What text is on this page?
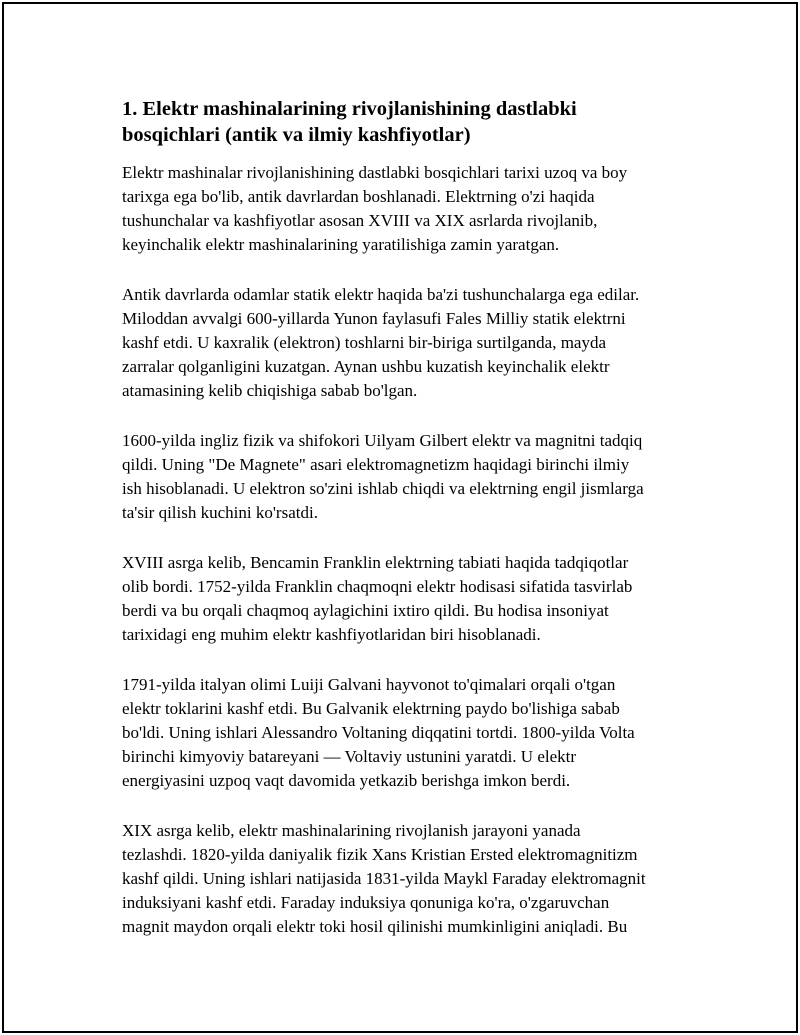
1. Elektr mashinalarining rivojlanishining dastlabki
bosqichlari (antik va ilmiy kashfiyotlar)

Elektr mashinalar rivojlanishining dastlabki bosqichlari tarixi uzoq va boy
tarixga ega bo'lib, antik davrlardan boshlanadi. Elektrning o'zi haqida
tushunchalar va kashfiyotlar asosan XVIII va XIX asrlarda rivojlanib,
keyinchalik elektr mashinalarining yaratilishiga zamin yaratgan.

Antik davrlarda odamlar statik elektr haqida ba'zi tushunchalarga ega edilar.
Miloddan avvalgi 600-yillarda Yunon faylasufi Fales Milliy statik elektrni
kashf etdi. U kaxralik (elektron) toshlarni bir-biriga surtilganda, mayda
zarralar qolganligini kuzatgan. Aynan ushbu kuzatish keyinchalik elektr
atamasining kelib chiqishiga sabab bo'lgan.

1600-yilda ingliz fizik va shifokori Uilyam Gilbert elektr va magnitni tadqiq
qildi. Uning "De Magnete" asari elektromagnetizm haqidagi birinchi ilmiy
ish hisoblanadi. U elektron so'zini ishlab chiqdi va elektrning engil jismlarga
ta'sir qilish kuchini ko'rsatdi.

XVIII asrga kelib, Bencamin Franklin elektrning tabiati haqida tadqiqotlar
olib bordi. 1752-yilda Franklin chaqmoqni elektr hodisasi sifatida tasvirlab
berdi va bu orqali chaqmoq aylagichini ixtiro qildi. Bu hodisa insoniyat
tarixidagi eng muhim elektr kashfiyotlaridan biri hisoblanadi.

1791-yilda italyan olimi Luiji Galvani hayvonot to'qimalari orqali o'tgan
elektr toklarini kashf etdi. Bu Galvanik elektrning paydo bo'lishiga sabab
bo'ldi. Uning ishlari Alessandro Voltaning diqqatini tortdi. 1800-yilda Volta
birinchi kimyoviy batareyani — Voltaviy ustunini yaratdi. U elektr
energiyasini uzpoq vaqt davomida yetkazib berishga imkon berdi.

XIX asrga kelib, elektr mashinalarining rivojlanish jarayoni yanada
tezlashdi. 1820-yilda daniyalik fizik Xans Kristian Ersted elektromagnitizm
kashf qildi. Uning ishlari natijasida 1831-yilda Maykl Faraday elektromagnit
induksiyani kashf etdi. Faraday induksiya qonuniga ko'ra, o'zgaruvchan
magnit maydon orqali elektr toki hosil qilinishi mumkinligini aniqladi. Bu
